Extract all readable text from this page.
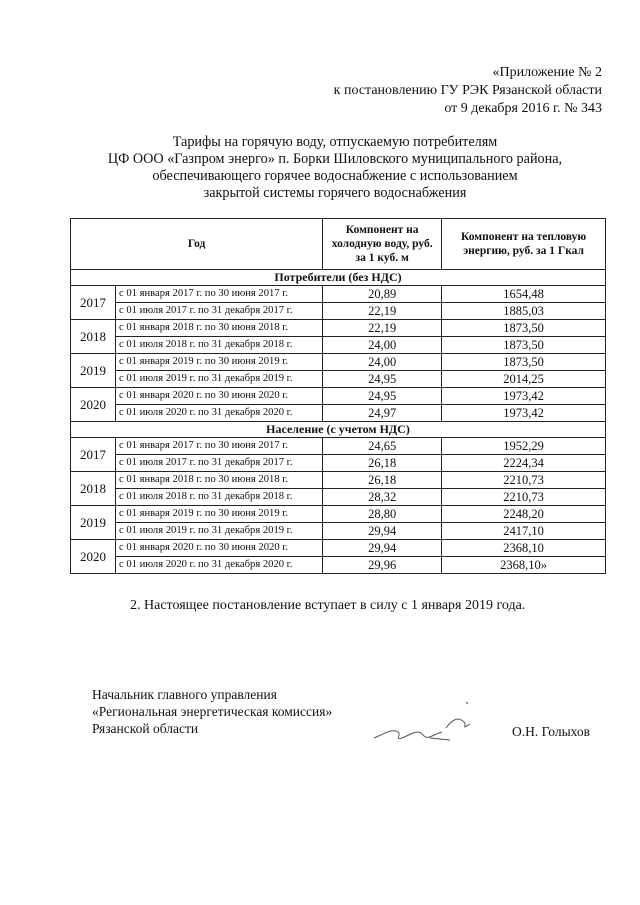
«Приложение № 2
к постановлению ГУ РЭК Рязанской области
от 9 декабря 2016 г. № 343
Тарифы на горячую воду, отпускаемую потребителям
ЦФ ООО «Газпром энерго» п. Борки Шиловского муниципального района,
обеспечивающего горячее водоснабжение с использованием
закрытой системы горячего водоснабжения
Год		Компонент на холодную воду, руб. за 1 куб. м	Компонент на тепловую энергию, руб. за 1 Гкал
Потребители (без НДС)			
2017	с 01 января 2017 г. по 30 июня 2017 г.	20,89	1654,48
	с 01 июля 2017 г. по 31 декабря 2017 г.	22,19	1885,03
2018	с 01 января 2018 г. по 30 июня 2018 г.	22,19	1873,50
	с 01 июля 2018 г. по 31 декабря 2018 г.	24,00	1873,50
2019	с 01 января 2019 г. по 30 июня 2019 г.	24,00	1873,50
	с 01 июля 2019 г. по 31 декабря 2019 г.	24,95	2014,25
2020	с 01 января 2020 г. по 30 июня 2020 г.	24,95	1973,42
	с 01 июля 2020 г. по 31 декабря 2020 г.	24,97	1973,42
Население (с учетом НДС)			
2017	с 01 января 2017 г. по 30 июня 2017 г.	24,65	1952,29
	с 01 июля 2017 г. по 31 декабря 2017 г.	26,18	2224,34
2018	с 01 января 2018 г. по 30 июня 2018 г.	26,18	2210,73
	с 01 июля 2018 г. по 31 декабря 2018 г.	28,32	2210,73
2019	с 01 января 2019 г. по 30 июня 2019 г.	28,80	2248,20
	с 01 июля 2019 г. по 31 декабря 2019 г.	29,94	2417,10
2020	с 01 января 2020 г. по 30 июня 2020 г.	29,94	2368,10
	с 01 июля 2020 г. по 31 декабря 2020 г.	29,96	2368,10»
2. Настоящее постановление вступает в силу с 1 января 2019 года.
Начальник главного управления
«Региональная энергетическая комиссия»
Рязанской области	О.Н. Голыхов
